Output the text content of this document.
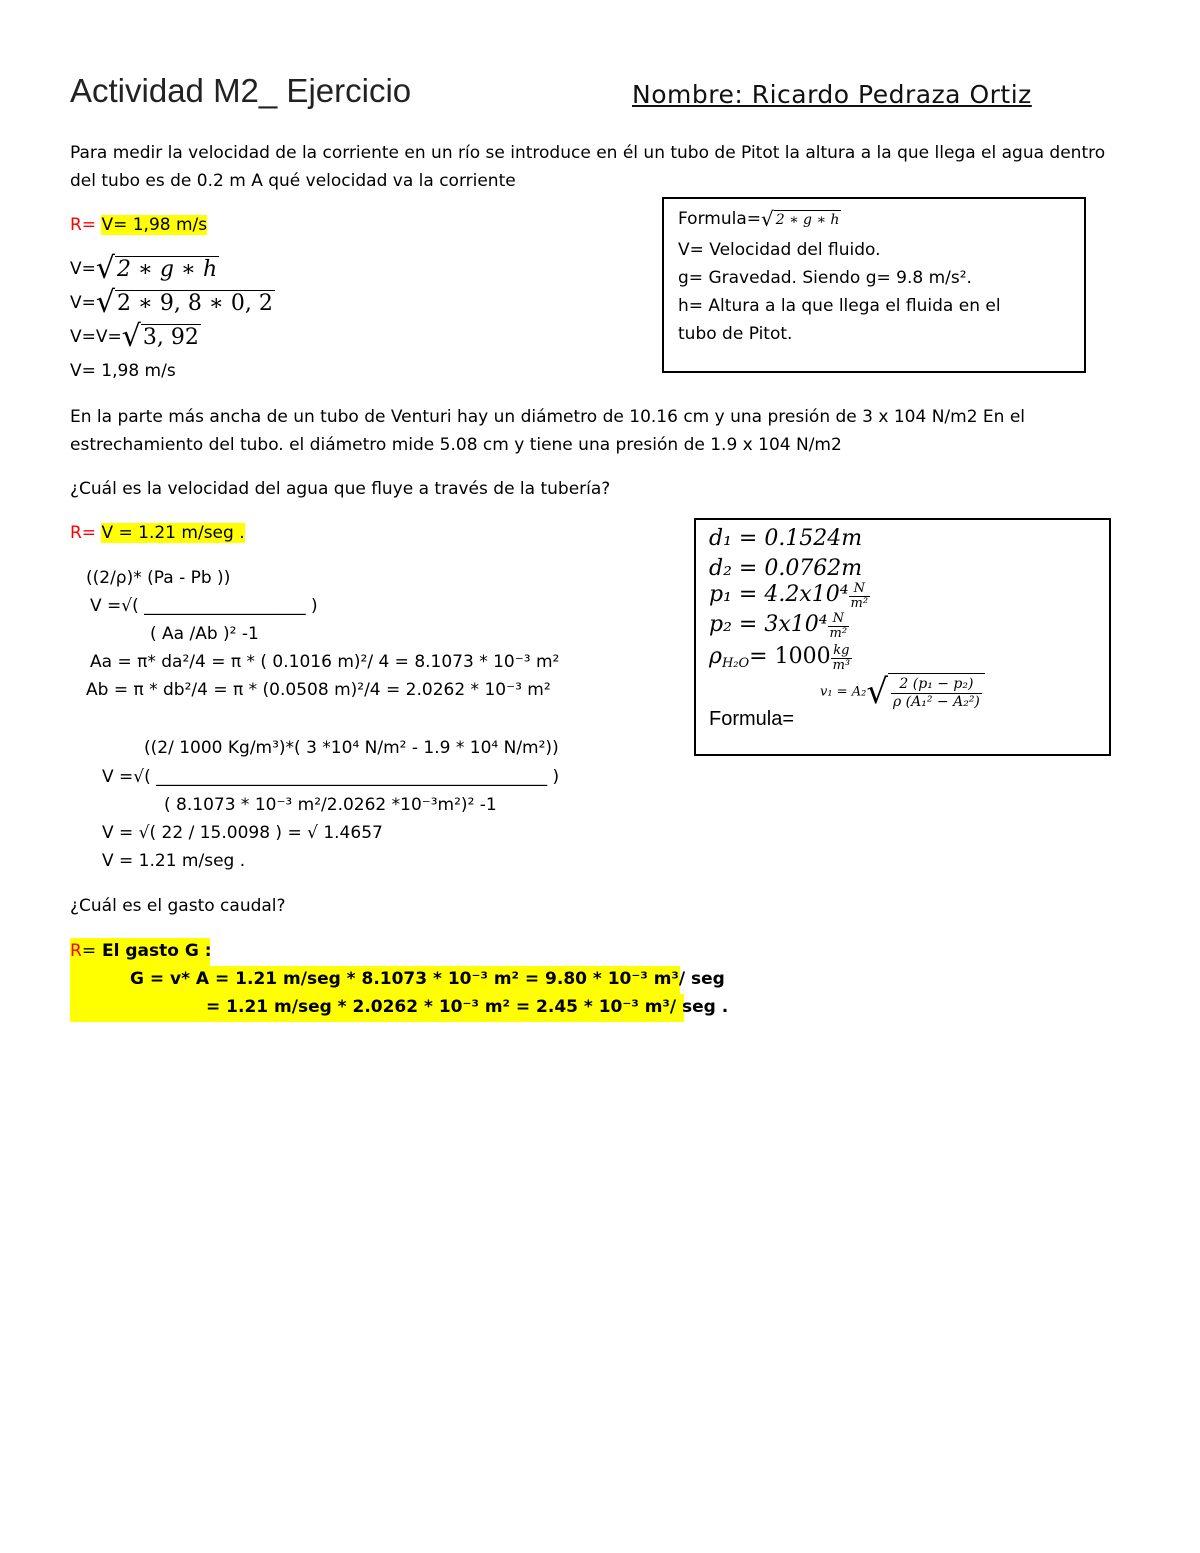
Actividad M2_ Ejercicio	Nombre: Ricardo Pedraza Ortiz
Para medir la velocidad de la corriente en un río se introduce en él un tubo de Pitot la altura a la que llega el agua dentro
del tubo es de 0.2 m A qué velocidad va la corriente
R= V= 1,98 m/s
V=√2 ∗ g ∗ h
V=√2 ∗ 9, 8 ∗ 0, 2
V=V=√3, 92
V= 1,98 m/s
Formula=√ 2 ∗ g ∗ h
V= Velocidad del fluido.
g= Gravedad. Siendo g= 9.8 m/s².
h= Altura a la que llega el fluida en el
tubo de Pitot.
En la parte más ancha de un tubo de Venturi hay un diámetro de 10.16 cm y una presión de 3 x 104 N/m2 En el
estrechamiento del tubo. el diámetro mide 5.08 cm y tiene una presión de 1.9 x 104 N/m2
¿Cuál es la velocidad del agua que fluye a través de la tubería?
R= V = 1.21 m/seg .
((2/ρ)* (Pa - Pb ))
V =√( ___________________ )
( Aa /Ab )² -1
Aa = π* da²/4 = π * ( 0.1016 m)²/ 4 = 8.1073 * 10⁻³ m²
Ab = π * db²/4 = π * (0.0508 m)²/4 = 2.0262 * 10⁻³ m²
((2/ 1000 Kg/m³)*( 3 *10⁴ N/m² - 1.9 * 10⁴ N/m²))
V =√( ______________________________________________ )
( 8.1073 * 10⁻³ m²/2.0262 *10⁻³m²)² -1
V = √( 22 / 15.0098 ) = √ 1.4657
V = 1.21 m/seg .
d₁ = 0.1524m
d₂ = 0.0762m
$p_1 = 4.2x10^4 \frac{N}{\text{m²}}$
$p_2 = 3x10^4 \frac{N}{\text{m²}}$
$\rho_{H_2O}= 1000 \frac{kg}{\text{m³}}$
Formula=
$v_1 = A_2√ \frac{\text{2 (p₁ − p₂)}}{\text{ρ (A₁² − A₂²)}}$
¿Cuál es el gasto caudal?
R= El gasto G :
G = v* A = 1.21 m/seg * 8.1073 * 10⁻³ m² = 9.80 * 10⁻³ m³/ seg
= 1.21 m/seg * 2.0262 * 10⁻³ m² = 2.45 * 10⁻³ m³/ seg .
